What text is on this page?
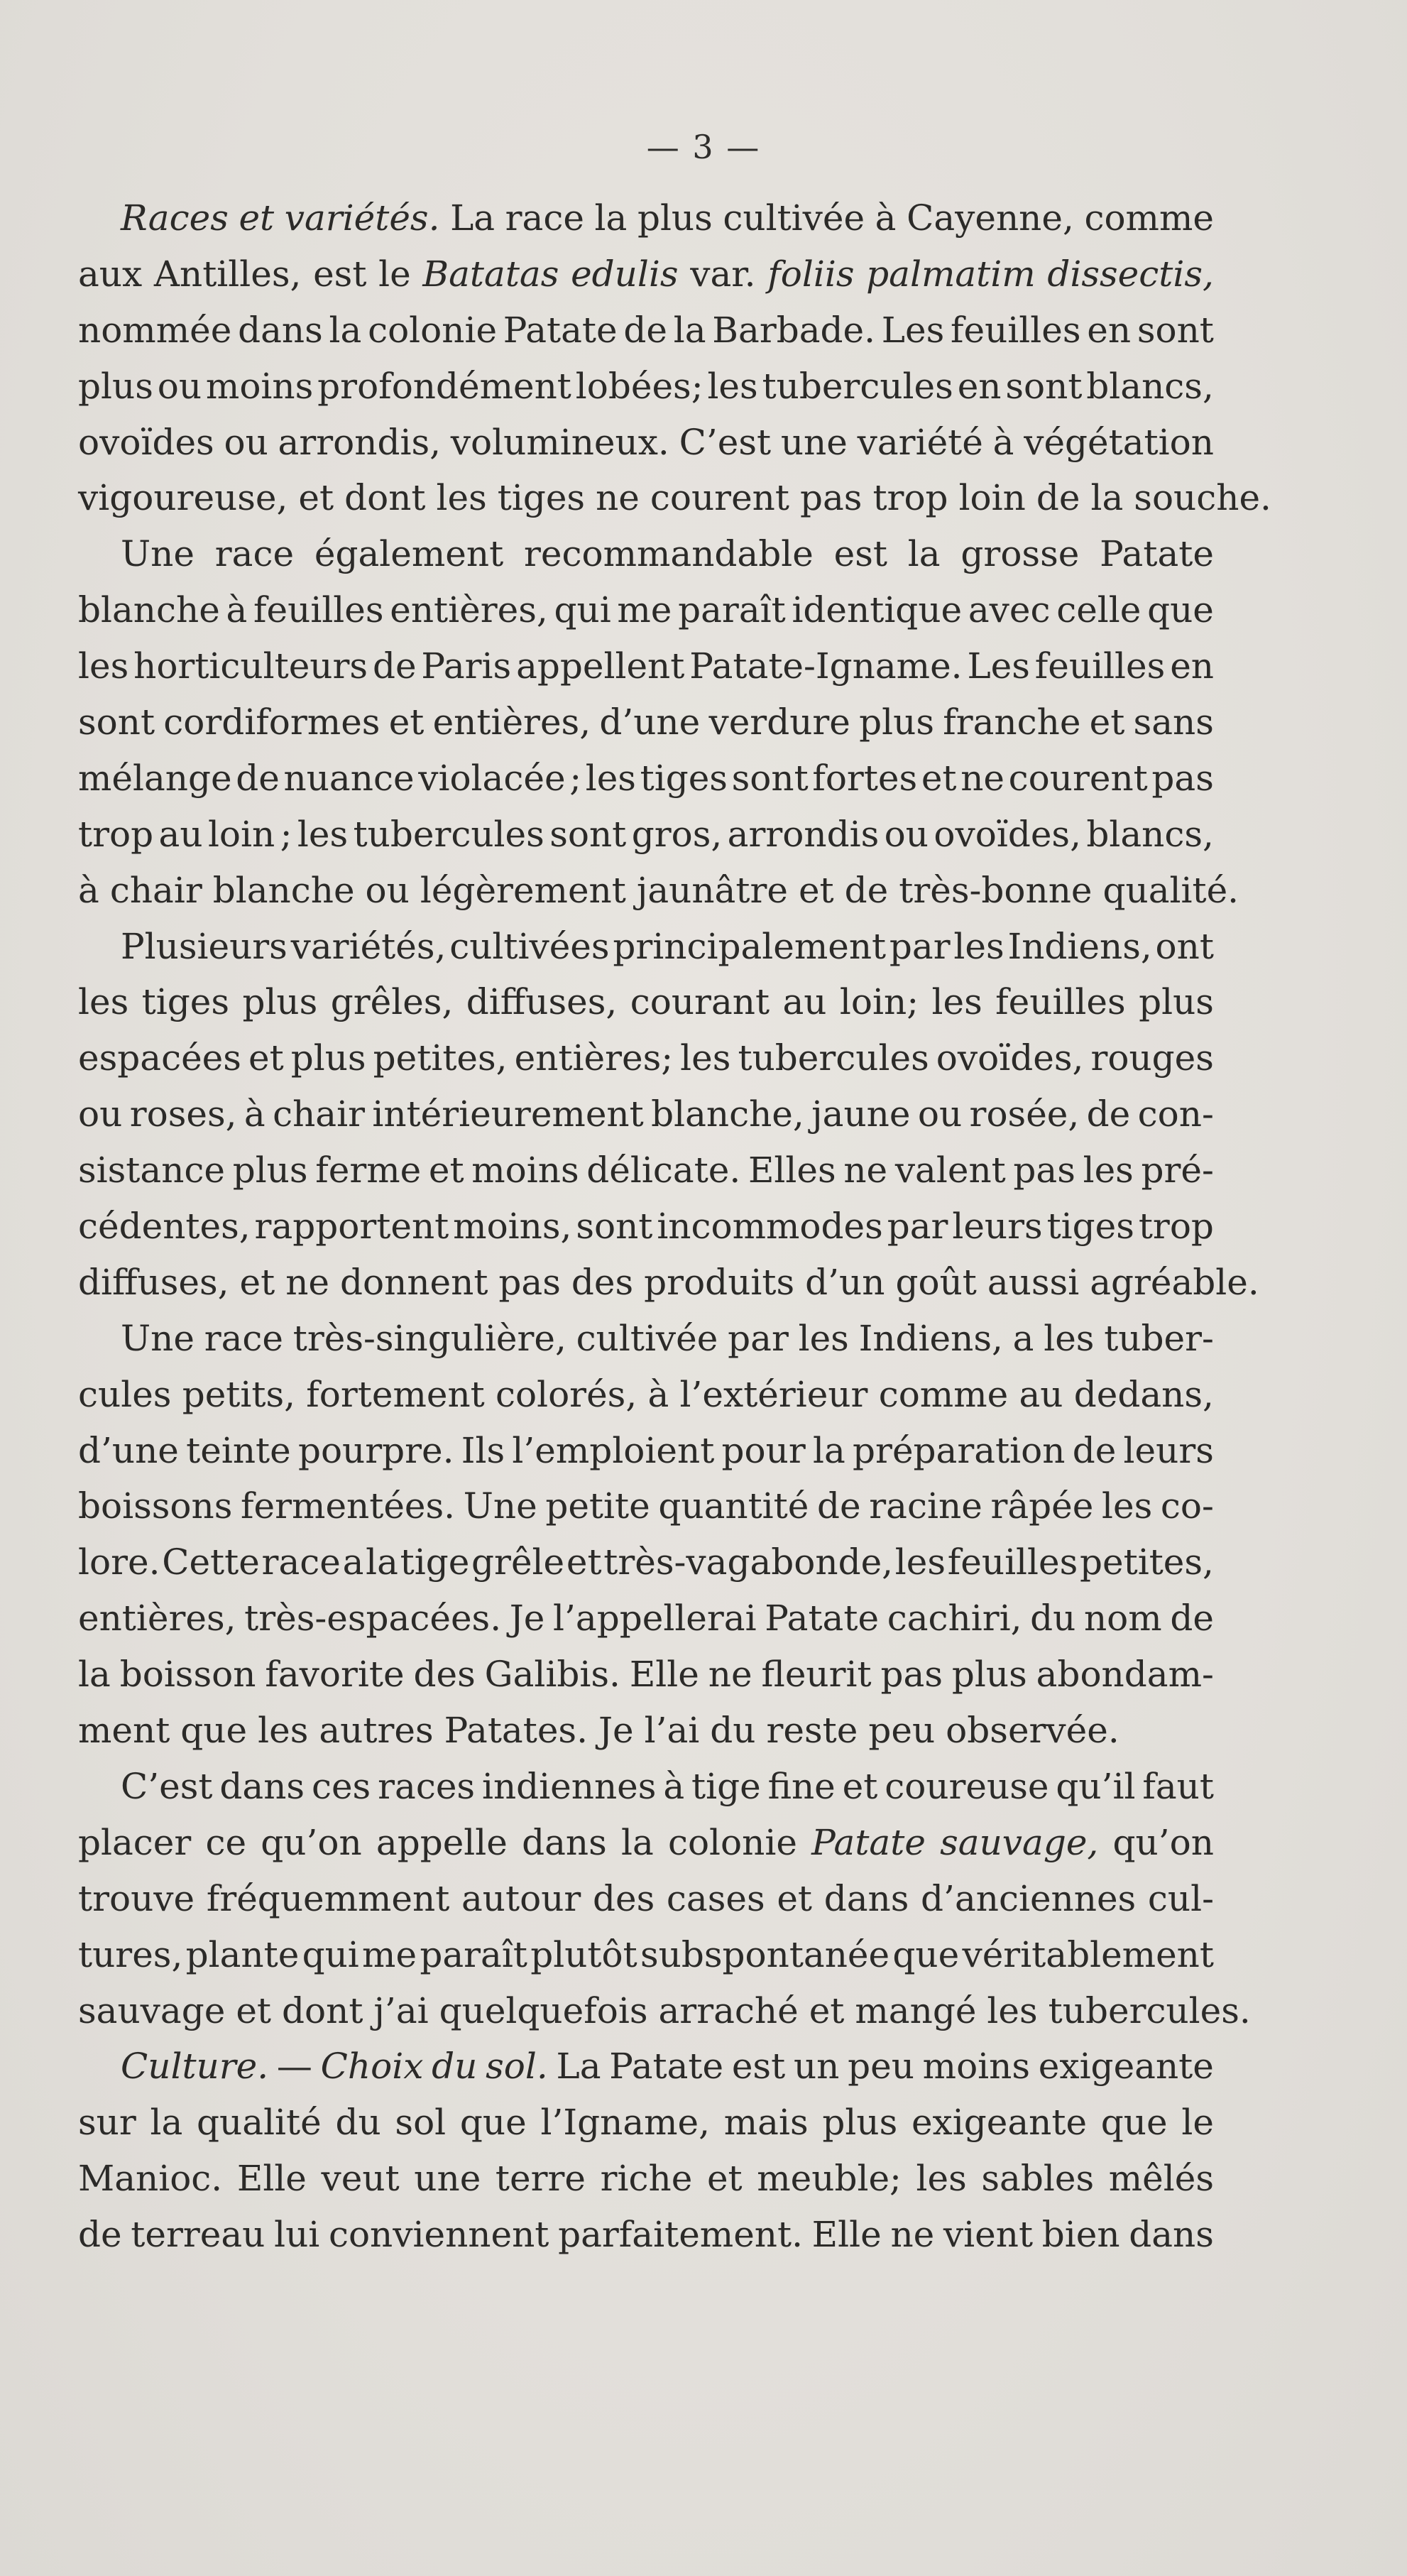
— 3 —
Races et variétés. La race la plus cultivée à Cayenne, comme
aux Antilles, est le Batatas edulis var. foliis palmatim dissectis,
nommée dans la colonie Patate de la Barbade. Les feuilles en sont
plus ou moins profondément lobées; les tubercules en sont blancs,
ovoïdes ou arrondis, volumineux. C’est une variété à végétation
vigoureuse, et dont les tiges ne courent pas trop loin de la souche.
Une race également recommandable est la grosse Patate
blanche à feuilles entières, qui me paraît identique avec celle que
les horticulteurs de Paris appellent Patate-Igname. Les feuilles en
sont cordiformes et entières, d’une verdure plus franche et sans
mélange de nuance violacée ; les tiges sont fortes et ne courent pas
trop au loin ; les tubercules sont gros, arrondis ou ovoïdes, blancs,
à chair blanche ou légèrement jaunâtre et de très-bonne qualité.
Plusieurs variétés, cultivées principalement par les Indiens, ont
les tiges plus grêles, diffuses, courant au loin; les feuilles plus
espacées et plus petites, entières; les tubercules ovoïdes, rouges
ou roses, à chair intérieurement blanche, jaune ou rosée, de con-
sistance plus ferme et moins délicate. Elles ne valent pas les pré-
cédentes, rapportent moins, sont incommodes par leurs tiges trop
diffuses, et ne donnent pas des produits d’un goût aussi agréable.
Une race très-singulière, cultivée par les Indiens, a les tuber-
cules petits, fortement colorés, à l’extérieur comme au dedans,
d’une teinte pourpre. Ils l’emploient pour la préparation de leurs
boissons fermentées. Une petite quantité de racine râpée les co-
lore. Cette race a la tige grêle et très-vagabonde, les feuilles petites,
entières, très-espacées. Je l’appellerai Patate cachiri, du nom de
la boisson favorite des Galibis. Elle ne fleurit pas plus abondam-
ment que les autres Patates. Je l’ai du reste peu observée.
C’est dans ces races indiennes à tige fine et coureuse qu’il faut
placer ce qu’on appelle dans la colonie Patate sauvage, qu’on
trouve fréquemment autour des cases et dans d’anciennes cul-
tures, plante qui me paraît plutôt subspontanée que véritablement
sauvage et dont j’ai quelquefois arraché et mangé les tubercules.
Culture. — Choix du sol. La Patate est un peu moins exigeante
sur la qualité du sol que l’Igname, mais plus exigeante que le
Manioc. Elle veut une terre riche et meuble; les sables mêlés
de terreau lui conviennent parfaitement. Elle ne vient bien dans
